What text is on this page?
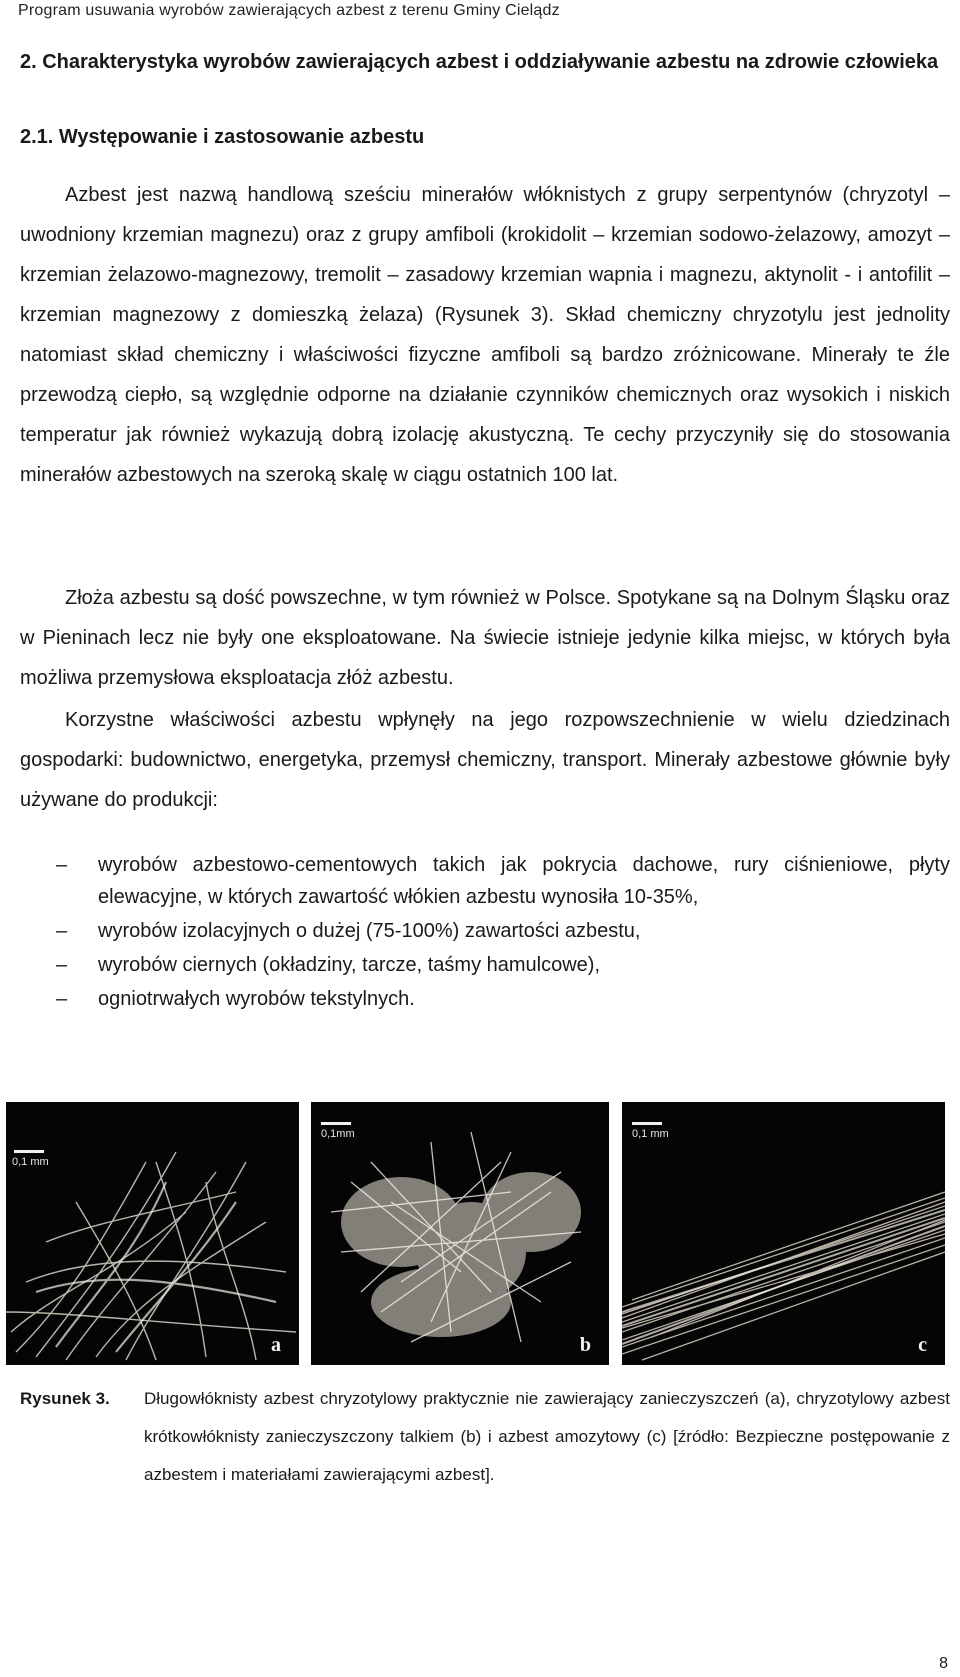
Program usuwania wyrobów zawierających azbest z terenu Gminy Cielądz
2. Charakterystyka wyrobów zawierających azbest i oddziaływanie azbestu na zdrowie człowieka
2.1. Występowanie i zastosowanie azbestu
Azbest jest nazwą handlową sześciu minerałów włóknistych z grupy serpentynów (chryzotyl – uwodniony krzemian magnezu) oraz z grupy amfiboli (krokidolit – krzemian sodowo-żelazowy, amozyt – krzemian żelazowo-magnezowy, tremolit – zasadowy krzemian wapnia i magnezu, aktynolit - i antofilit – krzemian magnezowy z domieszką żelaza) (Rysunek 3). Skład chemiczny chryzotylu jest jednolity natomiast skład chemiczny i właściwości fizyczne amfiboli są bardzo zróżnicowane. Minerały te źle przewodzą ciepło, są względnie odporne na działanie czynników chemicznych oraz wysokich i niskich temperatur jak również wykazują dobrą izolację akustyczną. Te cechy przyczyniły się do stosowania minerałów azbestowych na szeroką skalę w ciągu ostatnich 100 lat.
Złoża azbestu są dość powszechne, w tym również w Polsce. Spotykane są na Dolnym Śląsku oraz w Pieninach lecz nie były one eksploatowane. Na świecie istnieje jedynie kilka miejsc, w których była możliwa przemysłowa eksploatacja złóż azbestu.
Korzystne właściwości azbestu wpłynęły na jego rozpowszechnienie w wielu dziedzinach gospodarki: budownictwo, energetyka, przemysł chemiczny, transport. Minerały azbestowe głównie były używane do produkcji:
– wyrobów azbestowo-cementowych takich jak pokrycia dachowe, rury ciśnieniowe, płyty elewacyjne, w których zawartość włókien azbestu wynosiła 10-35%,
– wyrobów izolacyjnych o dużej (75-100%) zawartości azbestu,
– wyrobów ciernych (okładziny, tarcze, taśmy hamulcowe),
– ogniotrwałych wyrobów tekstylnych.
0,1 mm
a
0,1mm
b
0,1 mm
c
Rysunek 3. Długowłóknisty azbest chryzotylowy praktycznie nie zawierający zanieczyszczeń (a), chryzotylowy azbest krótkowłóknisty zanieczyszczony talkiem (b) i azbest amozytowy (c) [źródło: Bezpieczne postępowanie z azbestem i materiałami zawierającymi azbest].
8
